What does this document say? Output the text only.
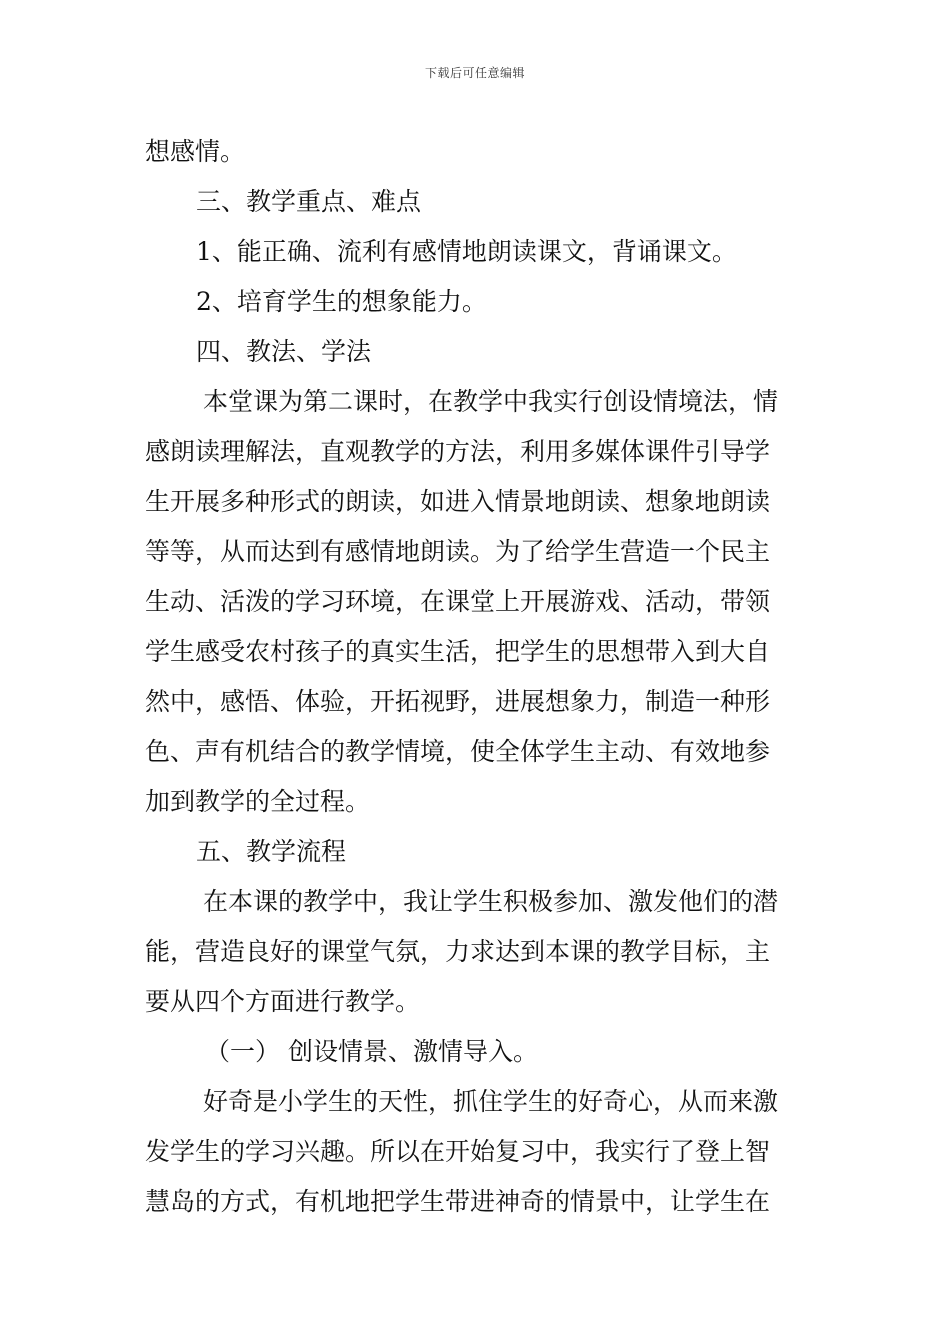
下载后可任意编辑
想感情。
三、教学重点、难点
1、能正确、流利有感情地朗读课文，背诵课文。
2、培育学生的想象能力。
四、教法、学法
本堂课为第二课时，在教学中我实行创设情境法，情
感朗读理解法，直观教学的方法，利用多媒体课件引导学
生开展多种形式的朗读，如进入情景地朗读、想象地朗读
等等，从而达到有感情地朗读。为了给学生营造一个民主
生动、活泼的学习环境，在课堂上开展游戏、活动，带领
学生感受农村孩子的真实生活，把学生的思想带入到大自
然中，感悟、体验，开拓视野，进展想象力，制造一种形
色、声有机结合的教学情境，使全体学生主动、有效地参
加到教学的全过程。
五、教学流程
在本课的教学中，我让学生积极参加、激发他们的潜
能，营造良好的课堂气氛，力求达到本课的教学目标，主
要从四个方面进行教学。
（一） 创设情景、激情导入。
好奇是小学生的天性，抓住学生的好奇心，从而来激
发学生的学习兴趣。所以在开始复习中，我实行了登上智
慧岛的方式，有机地把学生带进神奇的情景中，让学生在
